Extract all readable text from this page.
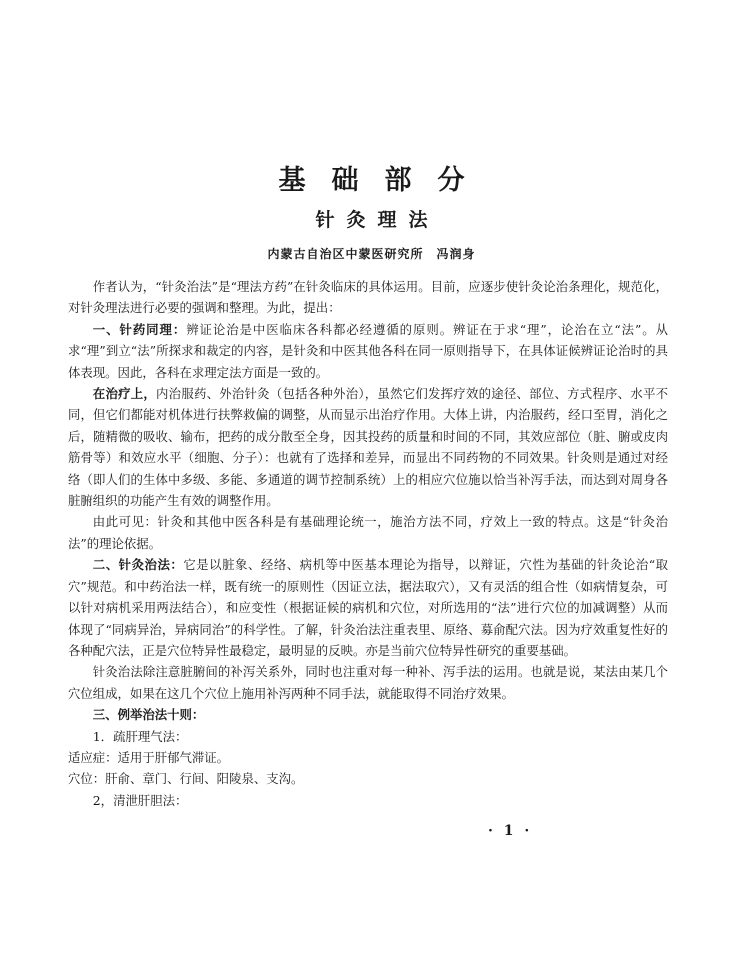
基础部分
针灸理法
内蒙古自治区中蒙医研究所　冯润身

作者认为，“针灸治法”是“理法方药”在针灸临床的具体运用。目前，应逐步使针灸论治条理化，规范化，对针灸理法进行必要的强调和整理。为此，提出：

一、针药同理：辨证论治是中医临床各科都必经遵循的原则。辨证在于求“理”，论治在立“法”。从求“理”到立“法”所探求和裁定的内容，是针灸和中医其他各科在同一原则指导下，在具体证候辨证论治时的具体表现。因此，各科在求理定法方面是一致的。

在治疗上，内治服药、外治针灸（包括各种外治），虽然它们发挥疗效的途径、部位、方式程序、水平不同，但它们都能对机体进行扶弊救偏的调整，从而显示出治疗作用。大体上讲，内治服药，经口至胃，消化之后，随精微的吸收、输布，把药的成分散至全身，因其投药的质量和时间的不同，其效应部位（脏、腑或皮肉筋骨等）和效应水平（细胞、分子）：也就有了选择和差异，而显出不同药物的不同效果。针灸则是通过对经络（即人们的生体中多级、多能、多通道的调节控制系统）上的相应穴位施以恰当补泻手法，而达到对周身各脏腑组织的功能产生有效的调整作用。

由此可见：针灸和其他中医各科是有基础理论统一，施治方法不同，疗效上一致的特点。这是“针灸治法”的理论依据。

二、针灸治法：它是以脏象、经络、病机等中医基本理论为指导，以辩证，穴性为基础的针灸论治“取穴”规范。和中药治法一样，既有统一的原则性（因证立法，据法取穴），又有灵活的组合性（如病情复杂，可以针对病机采用两法结合），和应变性（根据证候的病机和穴位，对所选用的“法”进行穴位的加减调整）从而体现了“同病异治，异病同治”的科学性。了解，针灸治法注重表里、原络、募俞配穴法。因为疗效重复性好的各种配穴法，正是穴位特异性最稳定，最明显的反映。亦是当前穴位特异性研究的重要基础。

针灸治法除注意脏腑间的补泻关系外，同时也注重对每一种补、泻手法的运用。也就是说，某法由某几个穴位组成，如果在这几个穴位上施用补泻两种不同手法，就能取得不同治疗效果。

三、例举治法十则：

1．疏肝理气法：

适应症：适用于肝郁气滞证。

穴位：肝俞、章门、行间、阳陵泉、支沟。

2，清泄肝胆法：

· 1 ·
